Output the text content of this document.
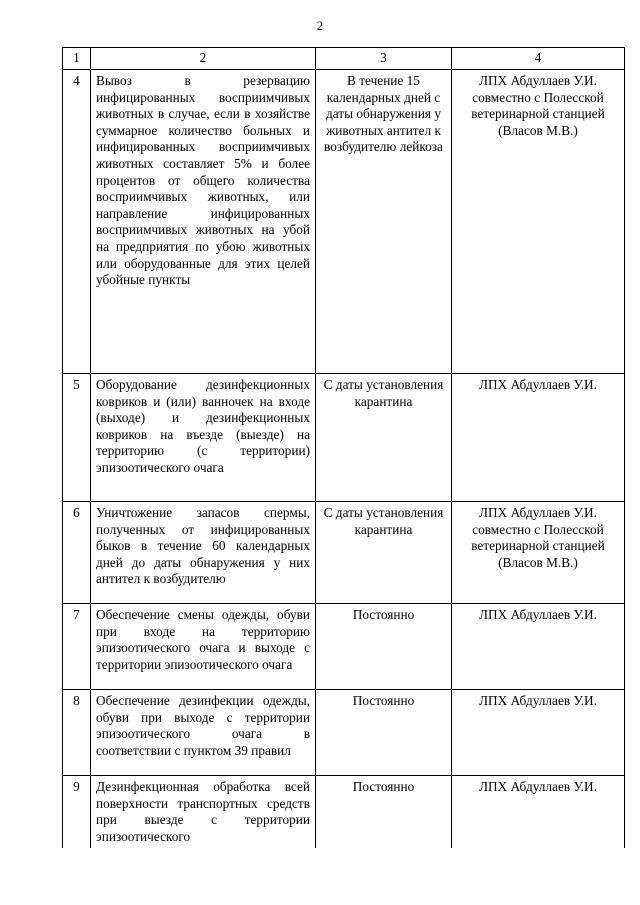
2
1	2	3	4
4	Вывоз в резервацию инфицированных восприимчивых животных в случае, если в хозяйстве суммарное количество больных и инфицированных восприимчивых животных составляет 5% и более процентов от общего количества восприимчивых животных, или направление инфицированных восприимчивых животных на убой на предприятия по убою животных или оборудованные для этих целей убойные пункты	В течение 15 календарных дней с даты обнаружения у животных антител к возбудителю лейкоза	ЛПХ Абдуллаев У.И. совместно с Полесской ветеринарной станцией (Власов М.В.)
5	Оборудование дезинфекционных ковриков и (или) ванночек на входе (выходе) и дезинфекционных ковриков на въезде (выезде) на территорию (с территории) эпизоотического очага	С даты установления карантина	ЛПХ Абдуллаев У.И.
6	Уничтожение запасов спермы, полученных от инфицированных быков в течение 60 календарных дней до даты обнаружения у них антител к возбудителю	С даты установления карантина	ЛПХ Абдуллаев У.И. совместно с Полесской ветеринарной станцией (Власов М.В.)
7	Обеспечение смены одежды, обуви при входе на территорию эпизоотического очага и выходе с территории эпизоотического очага	Постоянно	ЛПХ Абдуллаев У.И.
8	Обеспечение дезинфекции одежды, обуви при выходе с территории эпизоотического очага в соответствии с пунктом 39 правил	Постоянно	ЛПХ Абдуллаев У.И.
9	Дезинфекционная обработка всей поверхности транспортных средств при выезде с территории эпизоотического	Постоянно	ЛПХ Абдуллаев У.И.
